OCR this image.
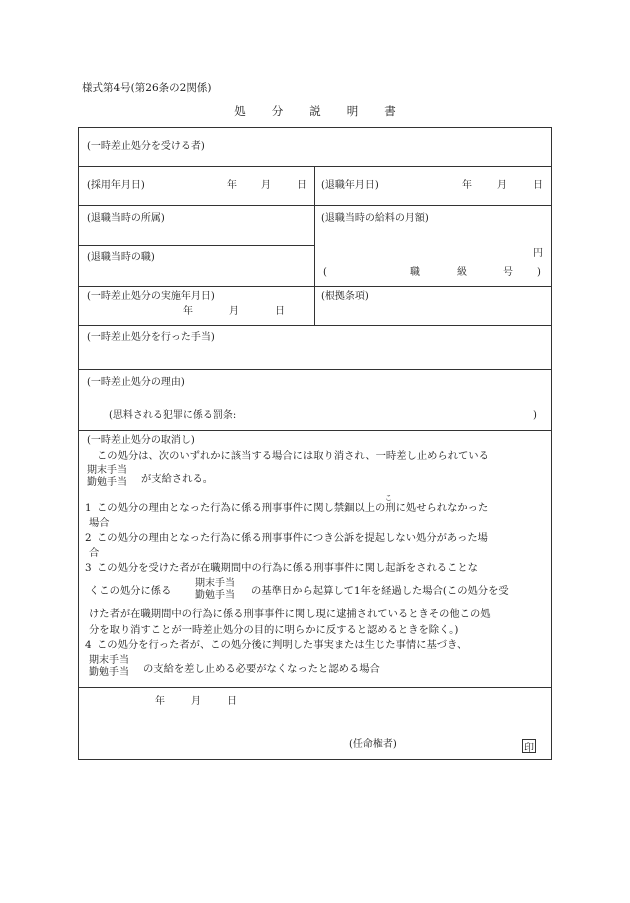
様式第4号(第26条の2関係)
処分説明書
(一時差止処分を受ける者)
(採用年月日)	年 月	日 (退職年月日)	年	月	日
(退職当時の所属)	(退職当時の給料の月額)
円
(退職当時の職)
(	職	級	号 )
(一時差止処分の実施年月日)
年	月	日
(根拠条項)
(一時差止処分を行った手当)
(一時差止処分の理由)
(思料される犯罪に係る罰条:	)
(一時差止処分の取消し)
この処分は、次のいずれかに該当する場合には取り消され、一時差し止められている
期末手当
勤勉手当 が支給される。
1 この処分の理由となった行為に係る刑事事件に関し禁錮以上の刑に処せられなかった
こ
場合
2 この処分の理由となった行為に係る刑事事件につき公訴を提起しない処分があった場
合
3 この処分を受けた者が在職期間中の行為に係る刑事事件に関し起訴をされることな
くこの処分に係る
期末手当
勤勉手当 の基準日から起算して1年を経過した場合(この処分を受
けた者が在職期間中の行為に係る刑事事件に関し現に逮捕されているときその他この処
分を取り消すことが一時差止処分の目的に明らかに反すると認めるときを除く。)
4 この処分を行った者が、この処分後に判明した事実または生じた事情に基づき、
期末手当
勤勉手当 の支給を差し止める必要がなくなったと認める場合
年	月	日
(任命権者)	印
